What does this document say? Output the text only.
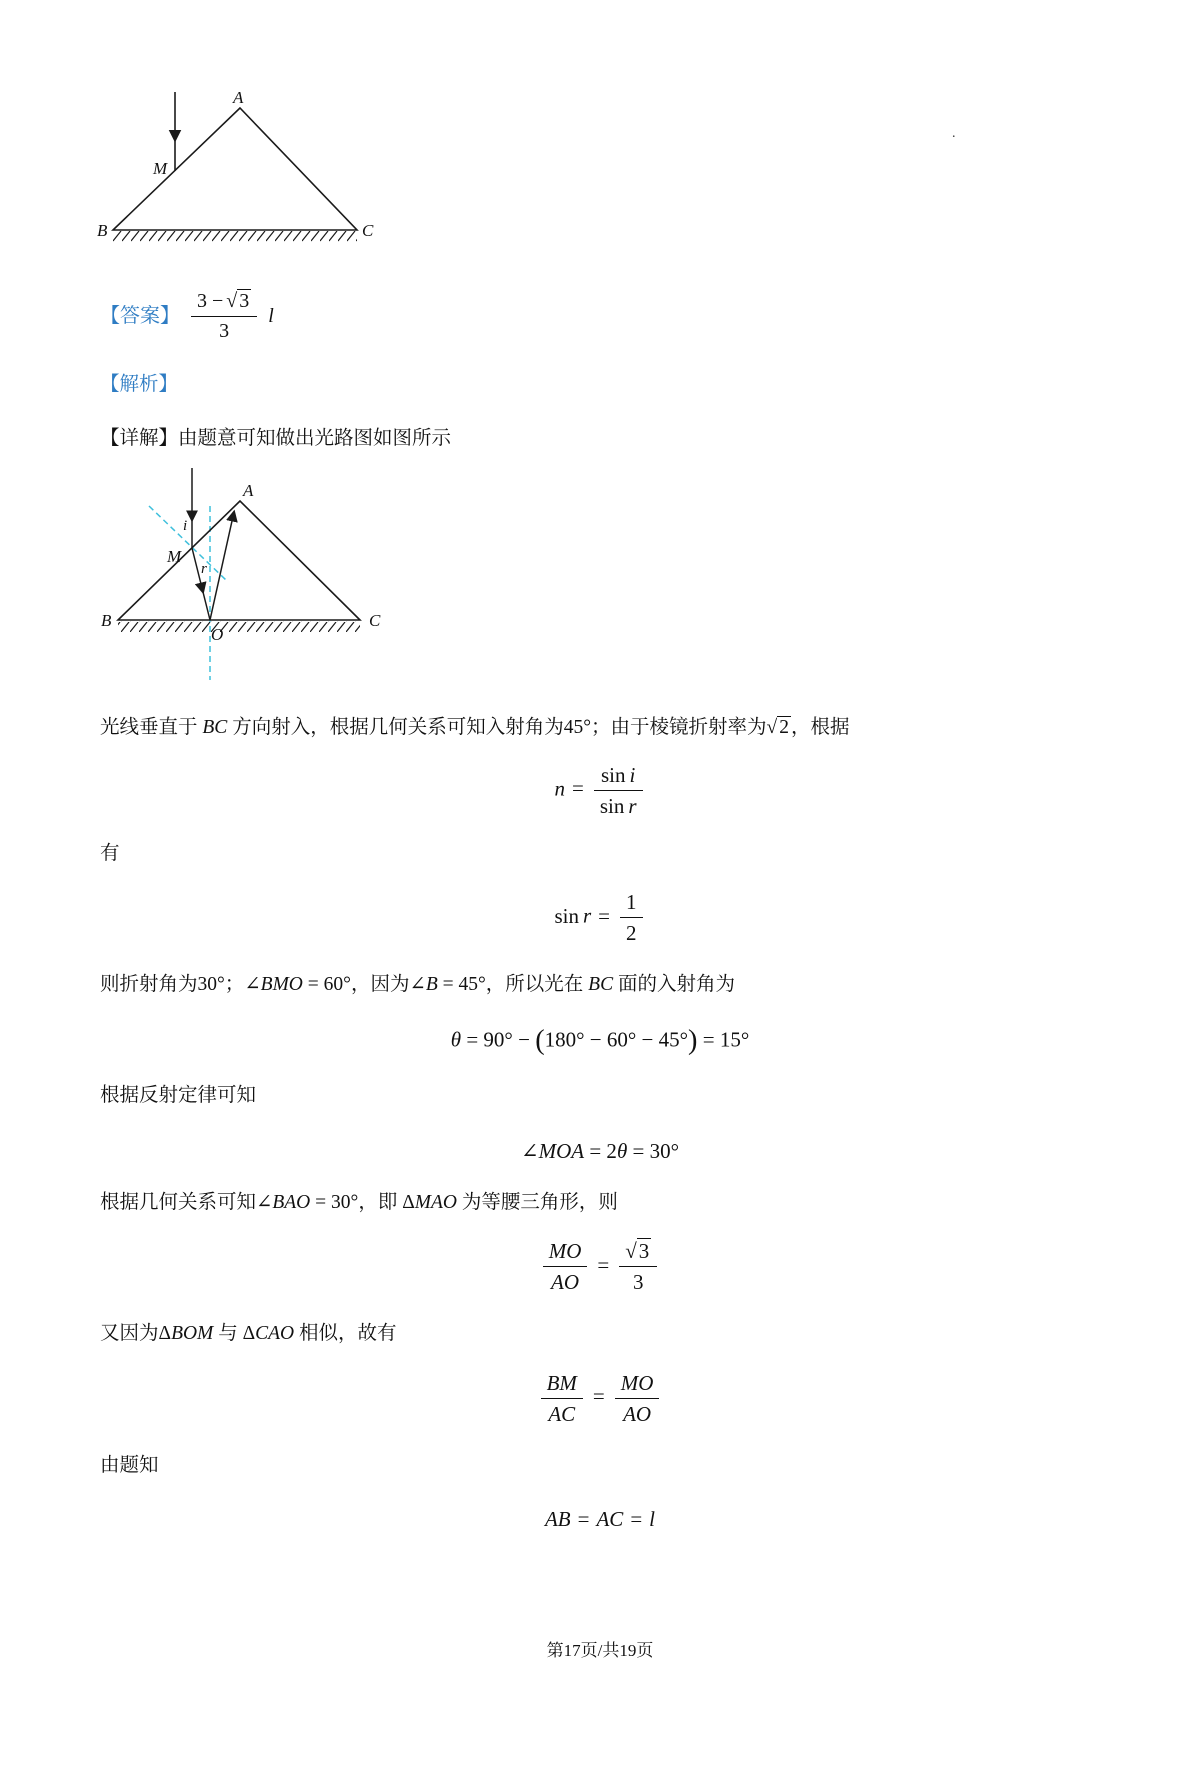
.
A
B	C
M
【答案】 $\frac{3 - √ 3}{3}$ l
【解析】
【详解】由题意可知做出光路图如图所示
A
B	C
M
O
i
r
光线垂直于 BC 方向射入，根据几何关系可知入射角为45°；由于棱镜折射率为√ 2 ，根据
$n = \frac{\text{sin i}}{\text{sin r}}$
有
$\sin r = \frac{1}{2}$
则折射角为30°；∠BMO = 60°，因为∠B = 45°，所以光在 BC 面的入射角为
θ = 90° − (180° − 60° − 45°) = 15°
根据反射定律可知
∠MOA = 2θ = 30°
根据几何关系可知∠BAO = 30°，即 ΔMAO 为等腰三角形，则
$\frac{MO}{AO} = \frac{√3}{3}$
又因为ΔBOM 与 ΔCAO 相似，故有
$\frac{BM}{AC} = \frac{MO}{AO}$
由题知
AB = AC = l
第17页/共19页
